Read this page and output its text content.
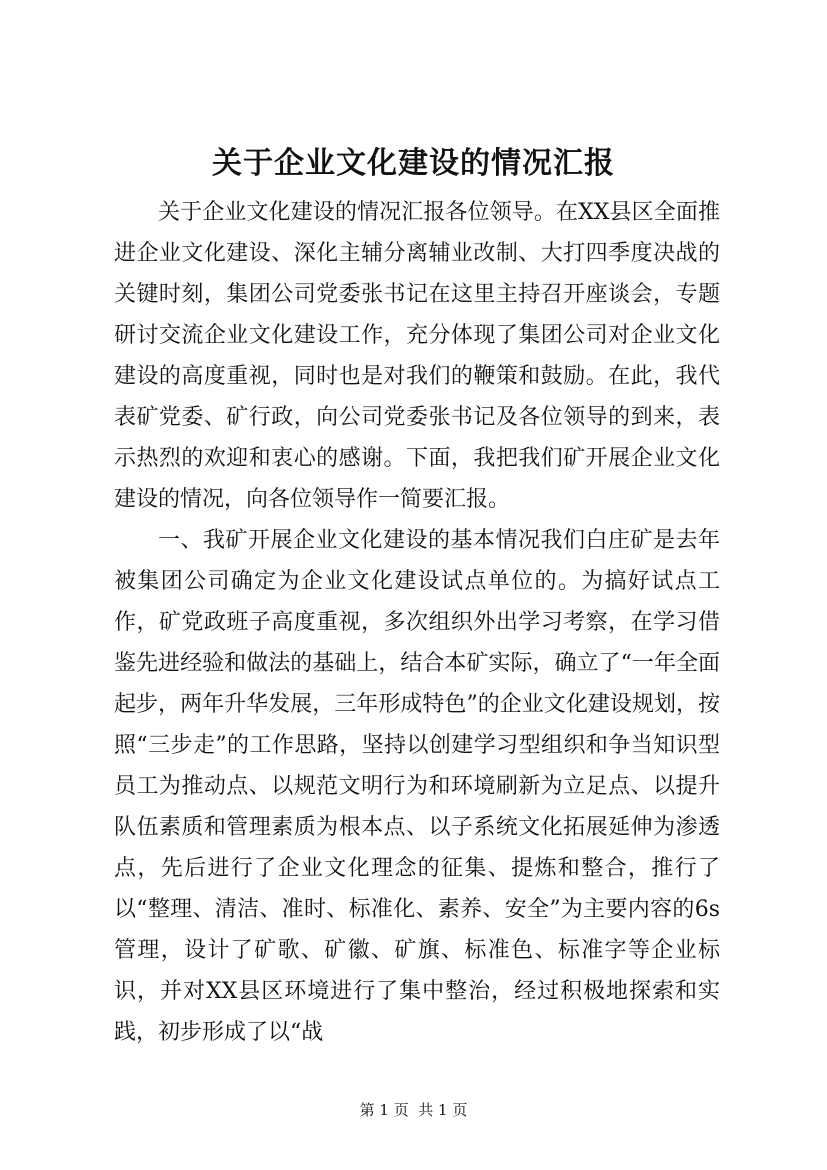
关于企业文化建设的情况汇报

关于企业文化建设的情况汇报各位领导。在XX县区全面推进企业文化建设、深化主辅分离辅业改制、大打四季度决战的关键时刻，集团公司党委张书记在这里主持召开座谈会，专题研讨交流企业文化建设工作，充分体现了集团公司对企业文化建设的高度重视，同时也是对我们的鞭策和鼓励。在此，我代表矿党委、矿行政，向公司党委张书记及各位领导的到来，表示热烈的欢迎和衷心的感谢。下面，我把我们矿开展企业文化建设的情况，向各位领导作一简要汇报。

一、我矿开展企业文化建设的基本情况我们白庄矿是去年被集团公司确定为企业文化建设试点单位的。为搞好试点工作，矿党政班子高度重视，多次组织外出学习考察，在学习借鉴先进经验和做法的基础上，结合本矿实际，确立了“一年全面起步，两年升华发展，三年形成特色”的企业文化建设规划，按照“三步走”的工作思路，坚持以创建学习型组织和争当知识型员工为推动点、以规范文明行为和环境刷新为立足点、以提升队伍素质和管理素质为根本点、以子系统文化拓展延伸为渗透点，先后进行了企业文化理念的征集、提炼和整合，推行了以“整理、清洁、准时、标准化、素养、安全”为主要内容的6s管理，设计了矿歌、矿徽、矿旗、标准色、标准字等企业标识，并对XX县区环境进行了集中整治，经过积极地探索和实践，初步形成了以“战

第 1 页  共 1 页
